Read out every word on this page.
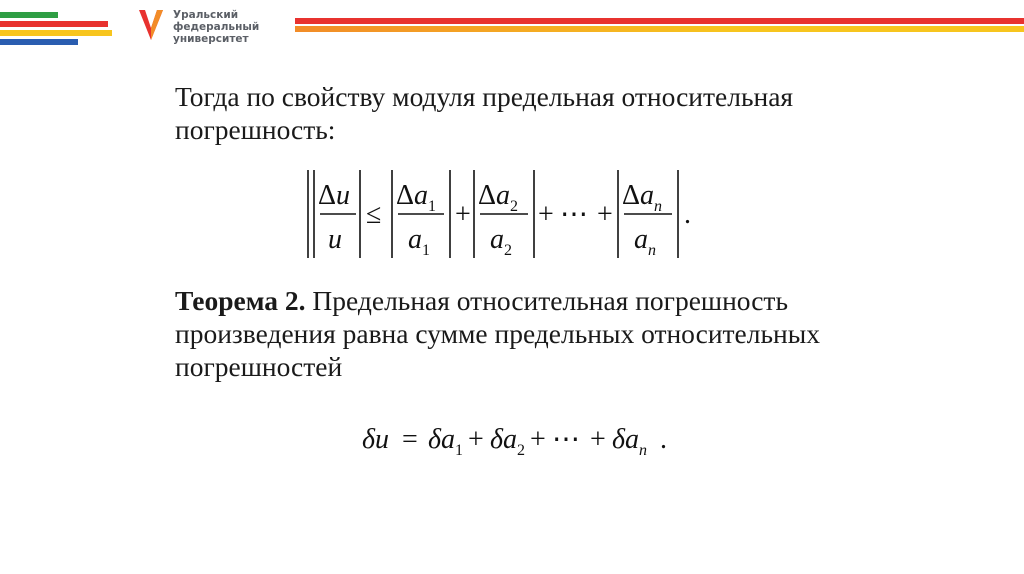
Уральский
федеральный
университет
Тогда по свойству модуля предельная относительная погрешность:
Δu
u
≤
$\Delta a_1$
$a_1$
+
$\Delta a_2$
$a_2$
+ ⋯ +
$\Delta a_n$
$a_n$
.
Теорема 2. Предельная относительная погрешность произведения равна сумме предельных относительных погрешностей
$\delta u = \delta a_1 + \delta a_2$ + ⋯ + $\delta a_n$ .
